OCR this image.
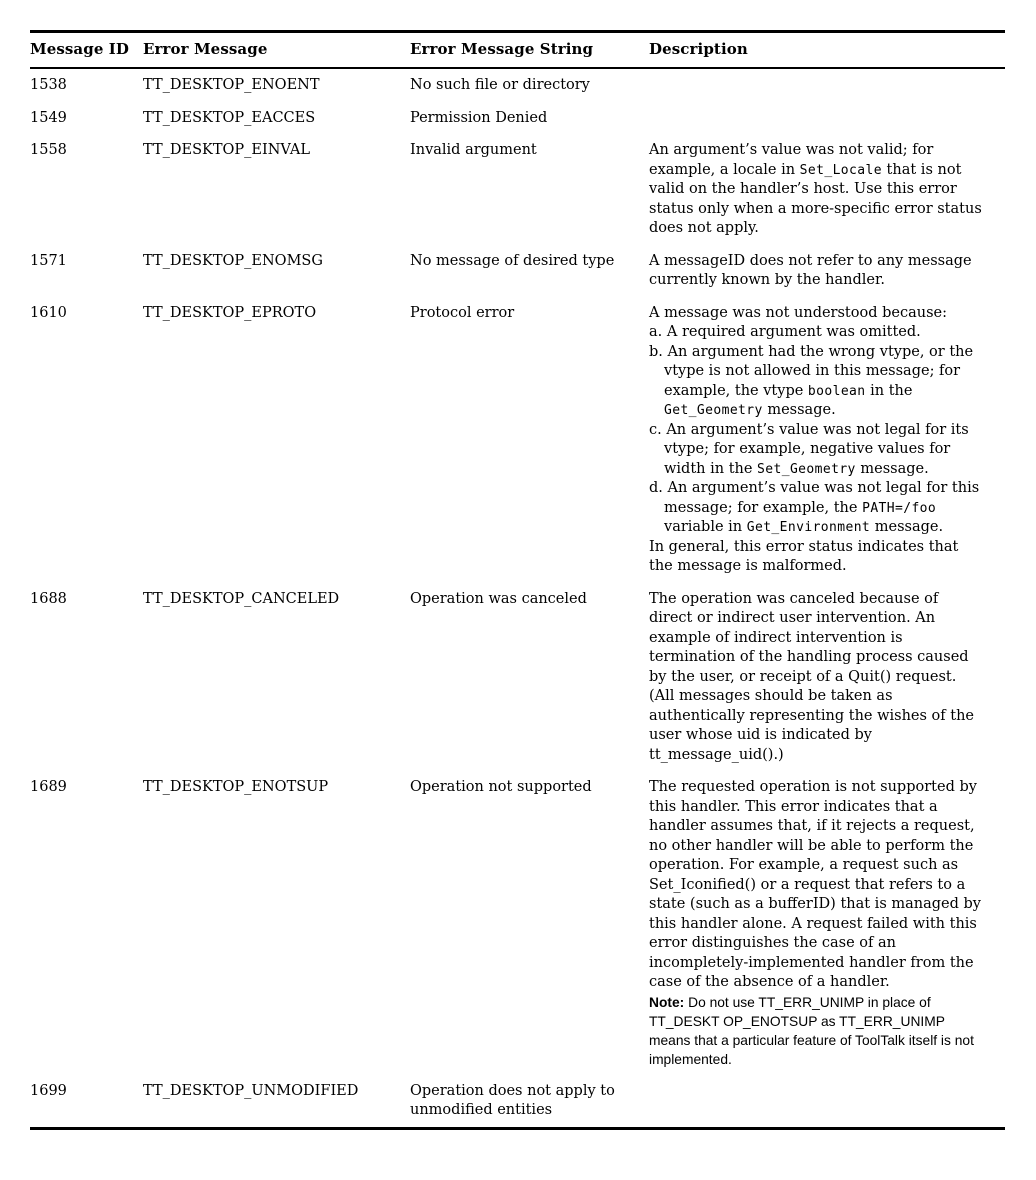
Message ID	Error Message	Error Message String	Description
1538	TT_DESKTOP_ENOENT	No such file or directory	
1549	TT_DESKTOP_EACCES	Permission Denied	
1558	TT_DESKTOP_EINVAL	Invalid argument	An argument’s value was not valid; for example, a locale in Set_Locale that is not valid on the handler’s host. Use this error status only when a more-specific error status does not apply.

1571	TT_DESKTOP_ENOMSG	No message of desired type	A messageID does not refer to any message currently known by the handler.

1610	TT_DESKTOP_EPROTO	Protocol error	A message was not understood because:
a. A required argument was omitted.
b. An argument had the wrong vtype, or the vtype is not allowed in this message; for example, the vtype boolean in the Get_Geometry message.
c. An argument’s value was not legal for its vtype; for example, negative values for width in the Set_Geometry message.
d. An argument’s value was not legal for this message; for example, the PATH=/foo variable in Get_Environment message.
In general, this error status indicates that the message is malformed.

1688	TT_DESKTOP_CANCELED	Operation was canceled	The operation was canceled because of direct or indirect user intervention. An example of indirect intervention is termination of the handling process caused by the user, or receipt of a Quit() request. (All messages should be taken as authentically representing the wishes of the user whose uid is indicated by tt_message_uid().)

1689	TT_DESKTOP_ENOTSUP	Operation not supported	The requested operation is not supported by this handler. This error indicates that a handler assumes that, if it rejects a request, no other handler will be able to perform the operation. For example, a request such as Set_Iconified() or a request that refers to a state (such as a bufferID) that is managed by this handler alone. A request failed with this error distinguishes the case of an incompletely-implemented handler from the case of the absence of a handler.
Note: Do not use TT_ERR_UNIMP in place of TT_DESKT OP_ENOTSUP as TT_ERR_UNIMP means that a particular feature of ToolTalk itself is not implemented.

1699	TT_DESKTOP_UNMODIFIED	Operation does not apply to unmodified entities	
